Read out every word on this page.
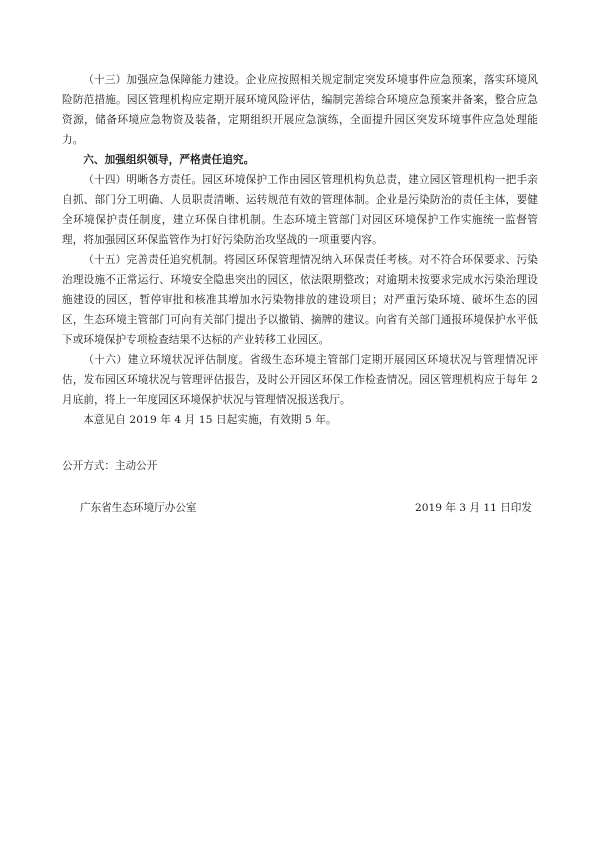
（十三）加强应急保障能力建设。企业应按照相关规定制定突发环境事件应急预案，落实环境风险防范措施。园区管理机构应定期开展环境风险评估，编制完善综合环境应急预案并备案，整合应急资源，储备环境应急物资及装备，定期组织开展应急演练，全面提升园区突发环境事件应急处理能力。

六、加强组织领导，严格责任追究。

（十四）明晰各方责任。园区环境保护工作由园区管理机构负总责，建立园区管理机构一把手亲自抓、部门分工明确、人员职责清晰、运转规范有效的管理体制。企业是污染防治的责任主体，要健全环境保护责任制度，建立环保自律机制。生态环境主管部门对园区环境保护工作实施统一监督管理，将加强园区环保监管作为打好污染防治攻坚战的一项重要内容。

（十五）完善责任追究机制。将园区环保管理情况纳入环保责任考核。对不符合环保要求、污染治理设施不正常运行、环境安全隐患突出的园区，依法限期整改；对逾期未按要求完成水污染治理设施建设的园区，暂停审批和核准其增加水污染物排放的建设项目；对严重污染环境、破坏生态的园区，生态环境主管部门可向有关部门提出予以撤销、摘牌的建议。向省有关部门通报环境保护水平低下或环境保护专项检查结果不达标的产业转移工业园区。

（十六）建立环境状况评估制度。省级生态环境主管部门定期开展园区环境状况与管理情况评估，发布园区环境状况与管理评估报告，及时公开园区环保工作检查情况。园区管理机构应于每年 2 月底前，将上一年度园区环境保护状况与管理情况报送我厅。

本意见自 2019 年 4 月 15 日起实施，有效期 5 年。

公开方式：主动公开
广东省生态环境厅办公室	2019 年 3 月 11 日印发
